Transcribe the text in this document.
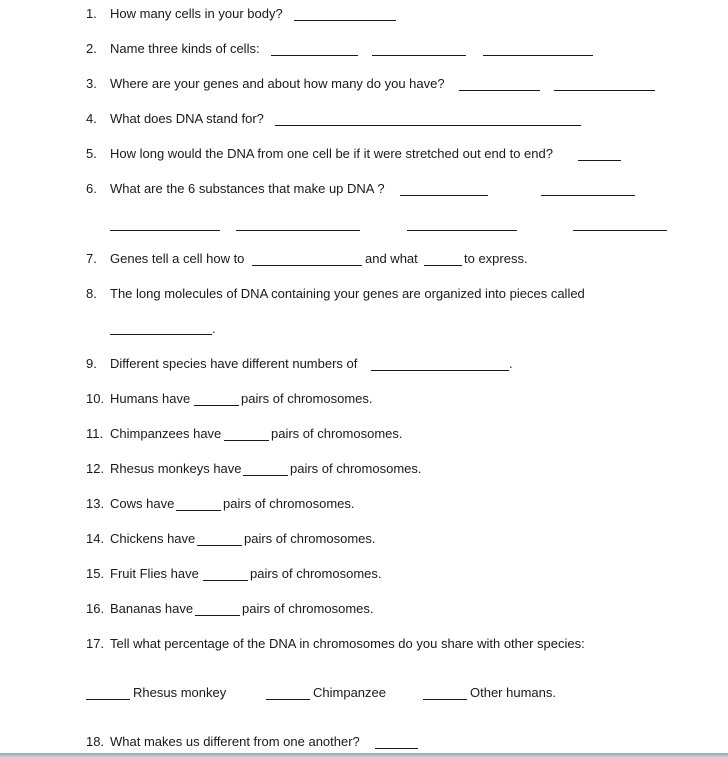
1. How many cells in your body?
2. Name three kinds of cells:
3. Where are your genes and about how many do you have?
4. What does DNA stand for?
5. How long would the DNA from one cell be if it were stretched out end to end?
6. What are the 6 substances that make up DNA ?
7. Genes tell a cell how to	and what	to express.
8. The long molecules of DNA containing your genes are organized into pieces called
.
9. Different species have different numbers of	.
10. Humans have	pairs of chromosomes.
11. Chimpanzees have	pairs of chromosomes.
12. Rhesus monkeys have	pairs of chromosomes.
13. Cows have	pairs of chromosomes.
14. Chickens have	pairs of chromosomes.
15. Fruit Flies have	pairs of chromosomes.
16. Bananas have	pairs of chromosomes.
17. Tell what percentage of the DNA in chromosomes do you share with other species:
Rhesus monkey	Chimpanzee	Other humans.
18. What makes us different from one another?
